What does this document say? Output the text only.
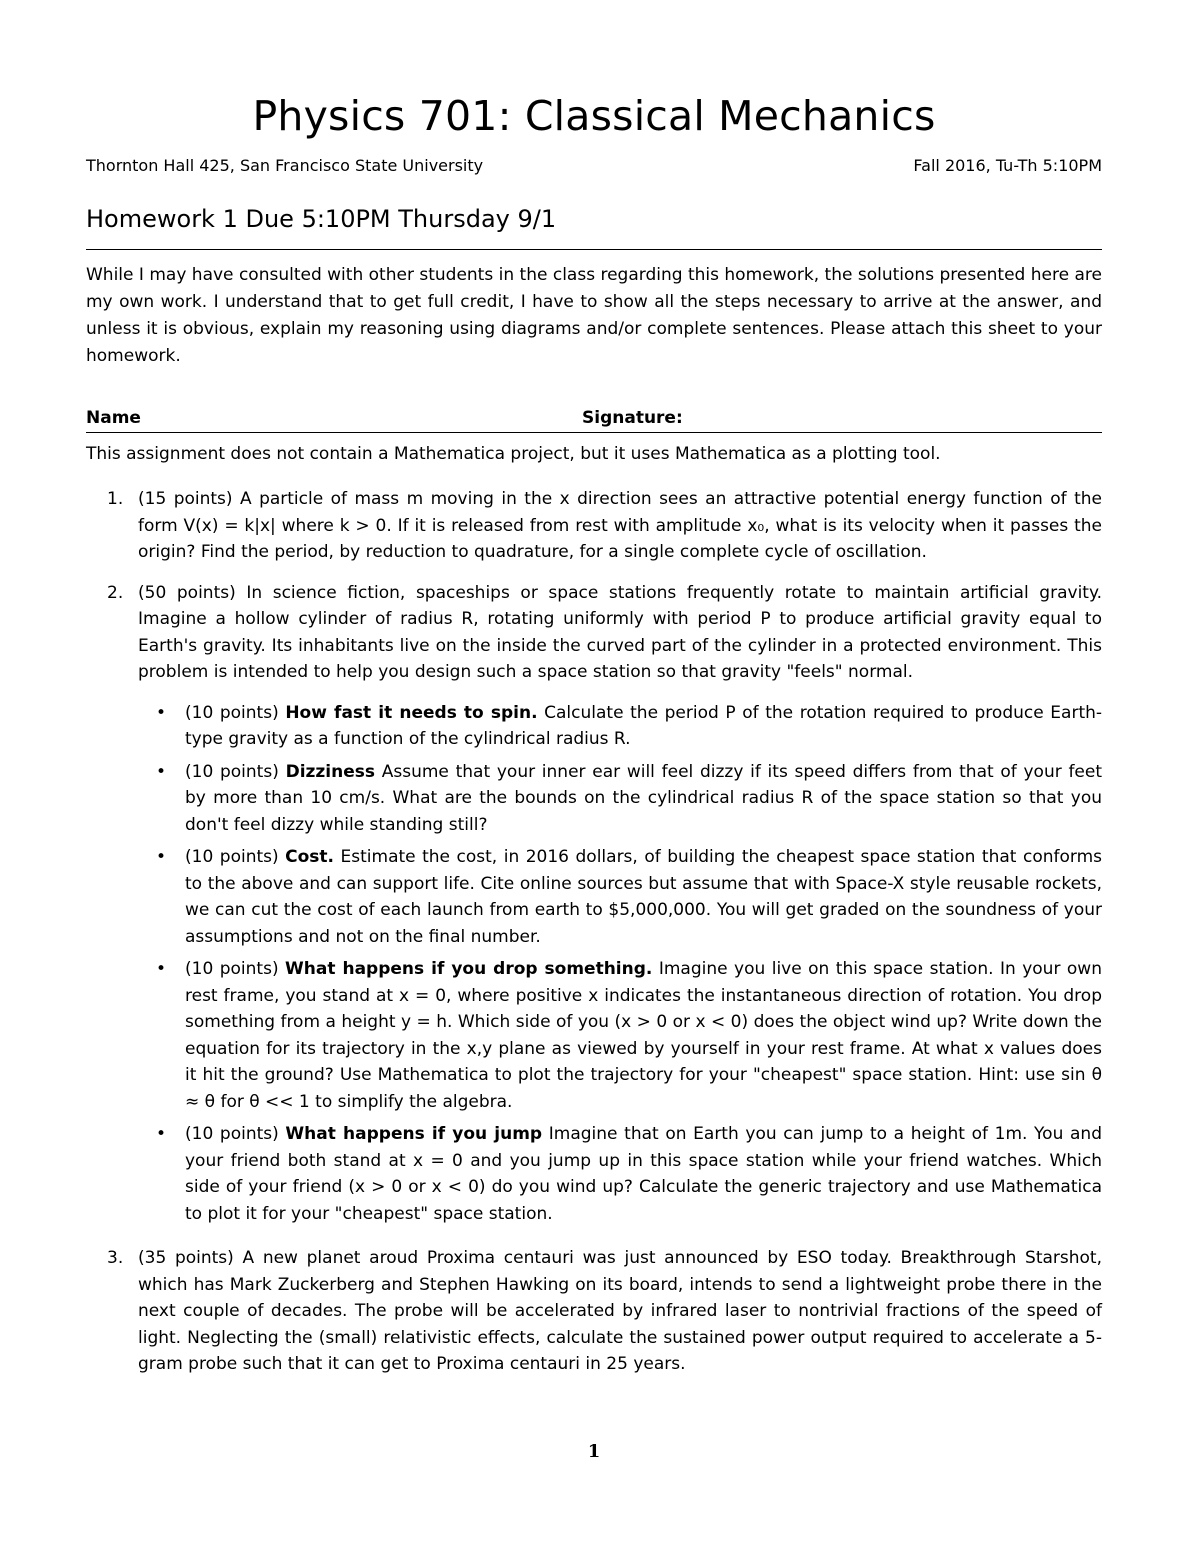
Physics 701: Classical Mechanics
Thornton Hall 425, San Francisco State University	Fall 2016, Tu-Th 5:10PM
Homework 1 Due 5:10PM Thursday 9/1

While I may have consulted with other students in the class regarding this homework, the solutions presented here are my own work. I understand that to get full credit, I have to show all the steps necessary to arrive at the answer, and unless it is obvious, explain my reasoning using diagrams and/or complete sentences. Please attach this sheet to your homework.

Name	Signature:

This assignment does not contain a Mathematica project, but it uses Mathematica as a plotting tool.

1. (15 points) A particle of mass m moving in the x direction sees an attractive potential energy function of the form V(x) = k|x| where k > 0. If it is released from rest with amplitude x₀, what is its velocity when it passes the origin? Find the period, by reduction to quadrature, for a single complete cycle of oscillation.

2. (50 points) In science fiction, spaceships or space stations frequently rotate to maintain artificial gravity. Imagine a hollow cylinder of radius R, rotating uniformly with period P to produce artificial gravity equal to Earth's gravity. Its inhabitants live on the inside the curved part of the cylinder in a protected environment. This problem is intended to help you design such a space station so that gravity "feels" normal.

• (10 points) How fast it needs to spin. Calculate the period P of the rotation required to produce Earth-type gravity as a function of the cylindrical radius R.
• (10 points) Dizziness Assume that your inner ear will feel dizzy if its speed differs from that of your feet by more than 10 cm/s. What are the bounds on the cylindrical radius R of the space station so that you don't feel dizzy while standing still?
• (10 points) Cost. Estimate the cost, in 2016 dollars, of building the cheapest space station that conforms to the above and can support life. Cite online sources but assume that with Space-X style reusable rockets, we can cut the cost of each launch from earth to $5,000,000. You will get graded on the soundness of your assumptions and not on the final number.
• (10 points) What happens if you drop something. Imagine you live on this space station. In your own rest frame, you stand at x = 0, where positive x indicates the instantaneous direction of rotation. You drop something from a height y = h. Which side of you (x > 0 or x < 0) does the object wind up? Write down the equation for its trajectory in the x,y plane as viewed by yourself in your rest frame. At what x values does it hit the ground? Use Mathematica to plot the trajectory for your "cheapest" space station. Hint: use sin θ ≈ θ for θ << 1 to simplify the algebra.
• (10 points) What happens if you jump Imagine that on Earth you can jump to a height of 1m. You and your friend both stand at x = 0 and you jump up in this space station while your friend watches. Which side of your friend (x > 0 or x < 0) do you wind up? Calculate the generic trajectory and use Mathematica to plot it for your "cheapest" space station.
3. (35 points) A new planet aroud Proxima centauri was just announced by ESO today. Breakthrough Starshot, which has Mark Zuckerberg and Stephen Hawking on its board, intends to send a lightweight probe there in the next couple of decades. The probe will be accelerated by infrared laser to nontrivial fractions of the speed of light. Neglecting the (small) relativistic effects, calculate the sustained power output required to accelerate a 5-gram probe such that it can get to Proxima centauri in 25 years.

1
